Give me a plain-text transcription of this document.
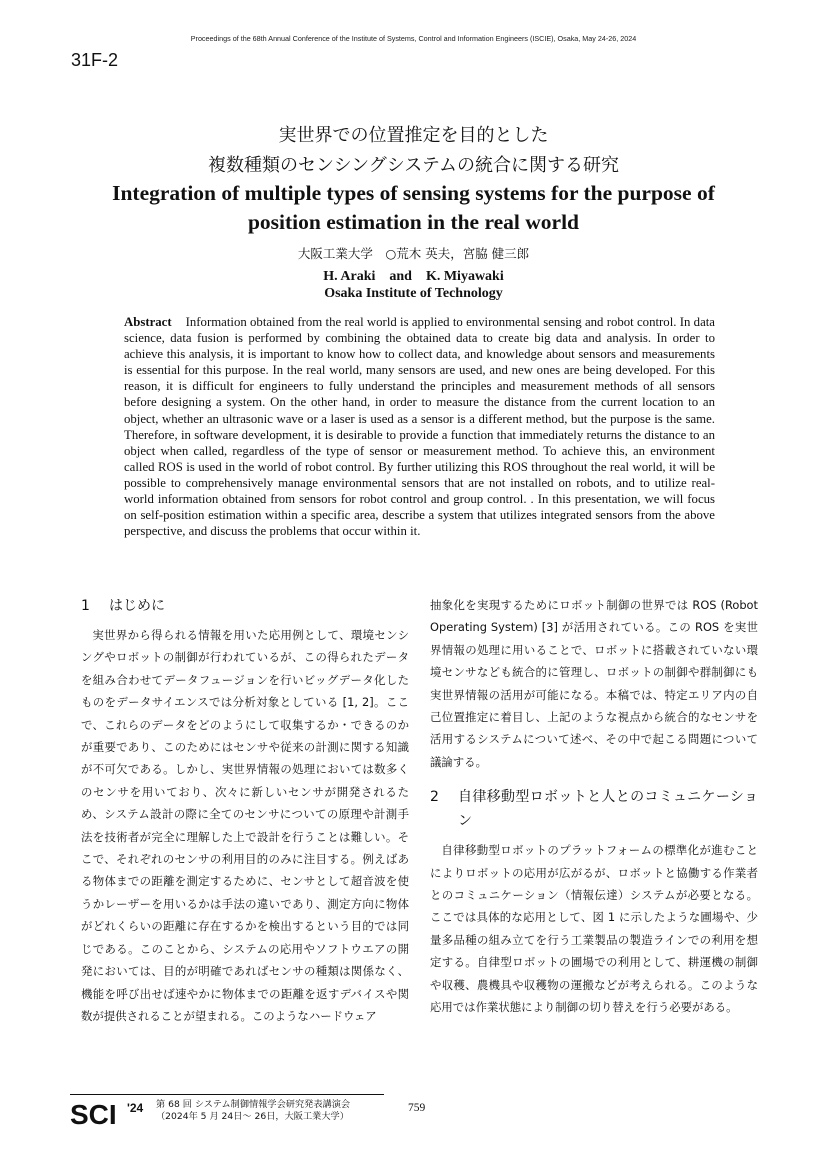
Proceedings of the 68th Annual Conference of the Institute of Systems, Control and Information Engineers (ISCIE), Osaka, May 24-26, 2024
31F-2
実世界での位置推定を目的とした
複数種類のセンシングシステムの統合に関する研究
Integration of multiple types of sensing systems for the purpose of
position estimation in the real world
大阪工業大学　○荒木 英夫，宮脇 健三郎
H. Araki　and　K. Miyawaki
Osaka Institute of Technology
Abstract Information obtained from the real world is applied to environmental sensing and robot control. In data science, data fusion is performed by combining the obtained data to create big data and analysis. In order to achieve this analysis, it is important to know how to collect data, and knowledge about sensors and measurements is essential for this purpose. In the real world, many sensors are used, and new ones are being developed. For this reason, it is difficult for engineers to fully understand the principles and measurement methods of all sensors before designing a system. On the other hand, in order to measure the distance from the current location to an object, whether an ultrasonic wave or a laser is used as a sensor is a different method, but the purpose is the same. Therefore, in software development, it is desirable to provide a function that immediately returns the distance to an object when called, regardless of the type of sensor or measurement method. To achieve this, an environment called ROS is used in the world of robot control. By further utilizing this ROS throughout the real world, it will be possible to comprehensively manage environmental sensors that are not installed on robots, and to utilize real-world information obtained from sensors for robot control and group control. . In this presentation, we will focus on self-position estimation within a specific area, describe a system that utilizes integrated sensors from the above perspective, and discuss the problems that occur within it.
1 はじめに

実世界から得られる情報を用いた応用例として、環境センシングやロボットの制御が行われているが、この得られたデータを組み合わせてデータフュージョンを行いビッグデータ化したものをデータサイエンスでは分析対象としている [1, 2]。ここで、これらのデータをどのようにして収集するか・できるのかが重要であり、このためにはセンサや従来の計測に関する知識が不可欠である。しかし、実世界情報の処理においては数多くのセンサを用いており、次々に新しいセンサが開発されるため、システム設計の際に全てのセンサについての原理や計測手法を技術者が完全に理解した上で設計を行うことは難しい。そこで、それぞれのセンサの利用目的のみに注目する。例えばある物体までの距離を測定するために、センサとして超音波を使うかレーザーを用いるかは手法の違いであり、測定方向に物体がどれくらいの距離に存在するかを検出するという目的では同じである。このことから、システムの応用やソフトウエアの開発においては、目的が明確であればセンサの種類は関係なく、機能を呼び出せば速やかに物体までの距離を返すデバイスや関数が提供されることが望まれる。このようなハードウェア

抽象化を実現するためにロボット制御の世界では ROS (Robot Operating System) [3] が活用されている。この ROS を実世界情報の処理に用いることで、ロボットに搭載されていない環境センサなども統合的に管理し、ロボットの制御や群制御にも実世界情報の活用が可能になる。本稿では、特定エリア内の自己位置推定に着目し、上記のような視点から統合的なセンサを活用するシステムについて述べ、その中で起こる問題について議論する。

2 自律移動型ロボットと人とのコミュニケーション

自律移動型ロボットのプラットフォームの標準化が進むことによりロボットの応用が広がるが、ロボットと協働する作業者とのコミュニケーション（情報伝達）システムが必要となる。ここでは具体的な応用として、図 1 に示したような圃場や、少量多品種の組み立てを行う工業製品の製造ラインでの利用を想定する。自律型ロボットの圃場での利用として、耕運機の制御や収穫、農機具や収穫物の運搬などが考えられる。このような応用では作業状態により制御の切り替えを行う必要がある。

SCI '24 第 68 回 システム制御情報学会研究発表講演会
（2024年 5 月 24日～ 26日，大阪工業大学）
759
